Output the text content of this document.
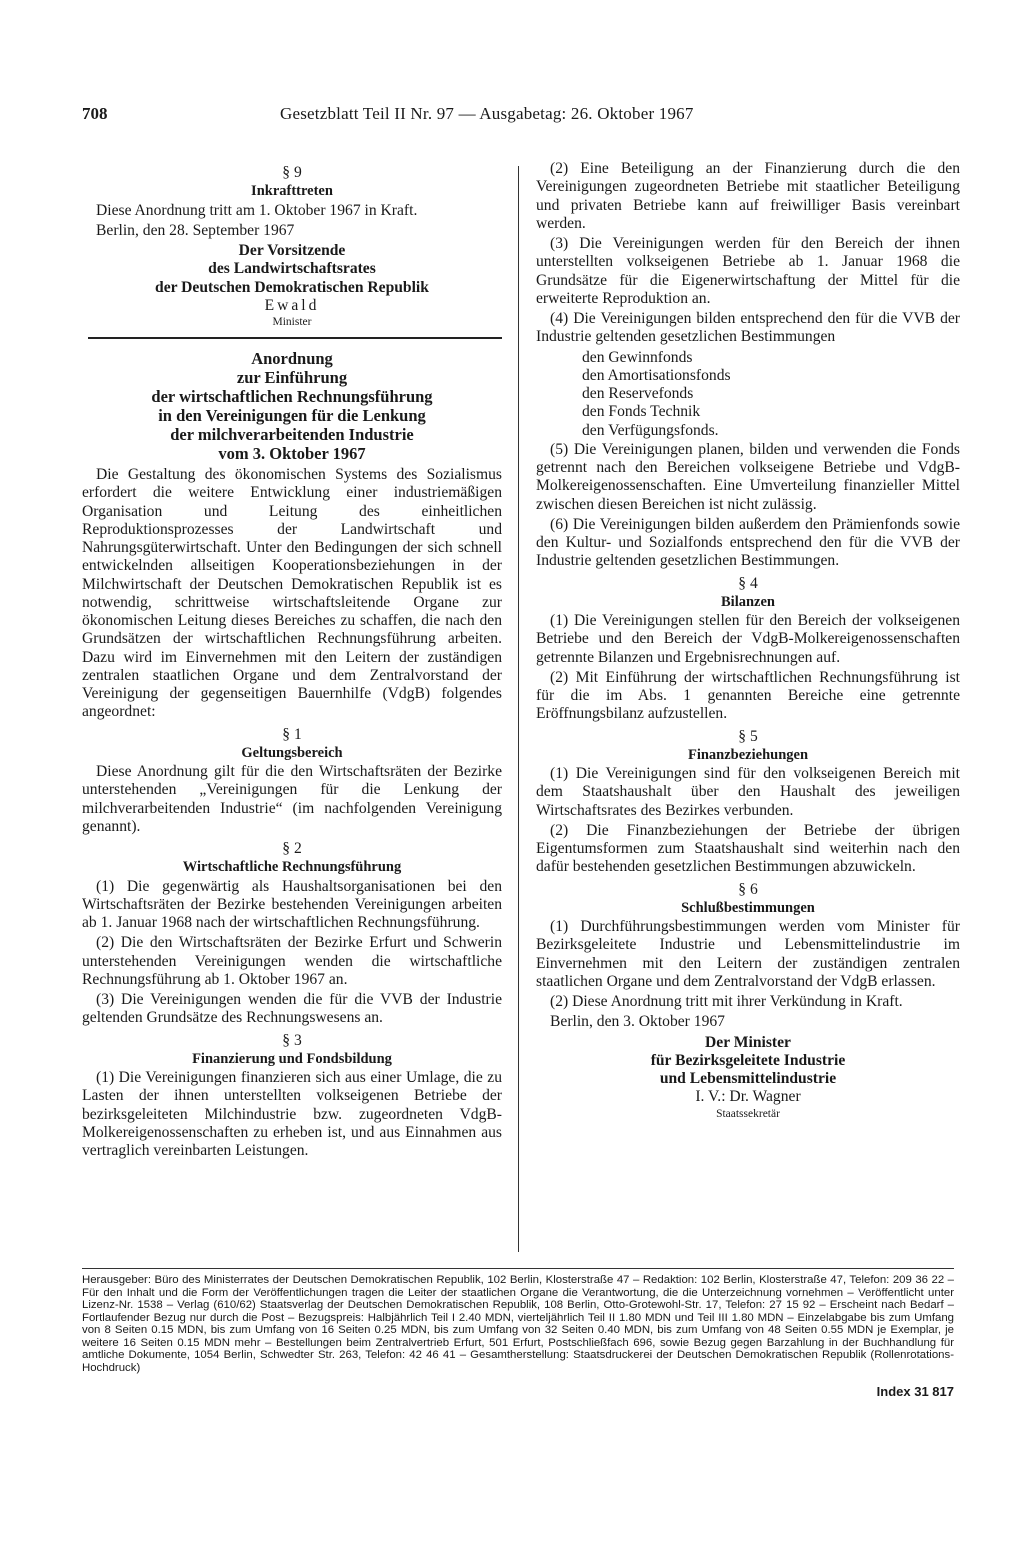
708	Gesetzblatt Teil II Nr. 97 — Ausgabetag: 26. Oktober 1967
§ 9
Inkrafttreten

Diese Anordnung tritt am 1. Oktober 1967 in Kraft.

Berlin, den 28. September 1967

Der Vorsitzende
des Landwirtschaftsrates
der Deutschen Demokratischen Republik
Ewald
Minister
Anordnung
zur Einführung
der wirtschaftlichen Rechnungsführung
in den Vereinigungen für die Lenkung
der milchverarbeitenden Industrie
vom 3. Oktober 1967

Die Gestaltung des ökonomischen Systems des Sozialismus erfordert die weitere Entwicklung einer industriemäßigen Organisation und Leitung des einheitlichen Reproduktionsprozesses der Landwirtschaft und Nahrungsgüterwirtschaft. Unter den Bedingungen der sich schnell entwickelnden allseitigen Kooperationsbeziehungen in der Milchwirtschaft der Deutschen Demokratischen Republik ist es notwendig, schrittweise wirtschaftsleitende Organe zur ökonomischen Leitung dieses Bereiches zu schaffen, die nach den Grundsätzen der wirtschaftlichen Rechnungsführung arbeiten. Dazu wird im Einvernehmen mit den Leitern der zuständigen zentralen staatlichen Organe und dem Zentralvorstand der Vereinigung der gegenseitigen Bauernhilfe (VdgB) folgendes angeordnet:

§ 1
Geltungsbereich

Diese Anordnung gilt für die den Wirtschaftsräten der Bezirke unterstehenden „Vereinigungen für die Lenkung der milchverarbeitenden Industrie“ (im nachfolgenden Vereinigung genannt).

§ 2
Wirtschaftliche Rechnungsführung

(1) Die gegenwärtig als Haushaltsorganisationen bei den Wirtschaftsräten der Bezirke bestehenden Vereinigungen arbeiten ab 1. Januar 1968 nach der wirtschaftlichen Rechnungsführung.

(2) Die den Wirtschaftsräten der Bezirke Erfurt und Schwerin unterstehenden Vereinigungen wenden die wirtschaftliche Rechnungsführung ab 1. Oktober 1967 an.

(3) Die Vereinigungen wenden die für die VVB der Industrie geltenden Grundsätze des Rechnungswesens an.

§ 3
Finanzierung und Fondsbildung

(1) Die Vereinigungen finanzieren sich aus einer Umlage, die zu Lasten der ihnen unterstellten volkseigenen Betriebe der bezirksgeleiteten Milchindustrie bzw. zugeordneten VdgB-Molkereigenossenschaften zu erheben ist, und aus Einnahmen aus vertraglich vereinbarten Leistungen.

(2) Eine Beteiligung an der Finanzierung durch die den Vereinigungen zugeordneten Betriebe mit staatlicher Beteiligung und privaten Betriebe kann auf freiwilliger Basis vereinbart werden.

(3) Die Vereinigungen werden für den Bereich der ihnen unterstellten volkseigenen Betriebe ab 1. Januar 1968 die Grundsätze für die Eigenerwirtschaftung der Mittel für die erweiterte Reproduktion an.

(4) Die Vereinigungen bilden entsprechend den für die VVB der Industrie geltenden gesetzlichen Bestimmungen

den Gewinnfonds
den Amortisationsfonds
den Reservefonds
den Fonds Technik
den Verfügungsfonds.

(5) Die Vereinigungen planen, bilden und verwenden die Fonds getrennt nach den Bereichen volkseigene Betriebe und VdgB-Molkereigenossenschaften. Eine Umverteilung finanzieller Mittel zwischen diesen Bereichen ist nicht zulässig.

(6) Die Vereinigungen bilden außerdem den Prämienfonds sowie den Kultur- und Sozialfonds entsprechend den für die VVB der Industrie geltenden gesetzlichen Bestimmungen.

§ 4
Bilanzen

(1) Die Vereinigungen stellen für den Bereich der volkseigenen Betriebe und den Bereich der VdgB-Molkereigenossenschaften getrennte Bilanzen und Ergebnisrechnungen auf.

(2) Mit Einführung der wirtschaftlichen Rechnungsführung ist für die im Abs. 1 genannten Bereiche eine getrennte Eröffnungsbilanz aufzustellen.

§ 5
Finanzbeziehungen

(1) Die Vereinigungen sind für den volkseigenen Bereich mit dem Staatshaushalt über den Haushalt des jeweiligen Wirtschaftsrates des Bezirkes verbunden.

(2) Die Finanzbeziehungen der Betriebe der übrigen Eigentumsformen zum Staatshaushalt sind weiterhin nach den dafür bestehenden gesetzlichen Bestimmungen abzuwickeln.

§ 6
Schlußbestimmungen

(1) Durchführungsbestimmungen werden vom Minister für Bezirksgeleitete Industrie und Lebensmittelindustrie im Einvernehmen mit den Leitern der zuständigen zentralen staatlichen Organe und dem Zentralvorstand der VdgB erlassen.

(2) Diese Anordnung tritt mit ihrer Verkündung in Kraft.

Berlin, den 3. Oktober 1967

Der Minister
für Bezirksgeleitete Industrie
und Lebensmittelindustrie
I. V.: Dr. Wagner
Staatssekretär
Herausgeber: Büro des Ministerrates der Deutschen Demokratischen Republik, 102 Berlin, Klosterstraße 47 – Redaktion: 102 Berlin, Klosterstraße 47, Telefon: 209 36 22 – Für den Inhalt und die Form der Veröffentlichungen tragen die Leiter der staatlichen Organe die Verantwortung, die die Unterzeichnung vornehmen – Veröffentlicht unter Lizenz-Nr. 1538 – Verlag (610/62) Staatsverlag der Deutschen Demokratischen Republik, 108 Berlin, Otto-Grotewohl-Str. 17, Telefon: 27 15 92 – Erscheint nach Bedarf – Fortlaufender Bezug nur durch die Post – Bezugspreis: Halbjährlich Teil I 2.40 MDN, vierteljährlich Teil II 1.80 MDN und Teil III 1.80 MDN – Einzelabgabe bis zum Umfang von 8 Seiten 0.15 MDN, bis zum Umfang von 16 Seiten 0.25 MDN, bis zum Umfang von 32 Seiten 0.40 MDN, bis zum Umfang von 48 Seiten 0.55 MDN je Exemplar, je weitere 16 Seiten 0.15 MDN mehr – Bestellungen beim Zentralvertrieb Erfurt, 501 Erfurt, Postschließfach 696, sowie Bezug gegen Barzahlung in der Buchhandlung für amtliche Dokumente, 1054 Berlin, Schwedter Str. 263, Telefon: 42 46 41 – Gesamtherstellung: Staatsdruckerei der Deutschen Demokratischen Republik (Rollenrotations-Hochdruck)
Index 31 817
